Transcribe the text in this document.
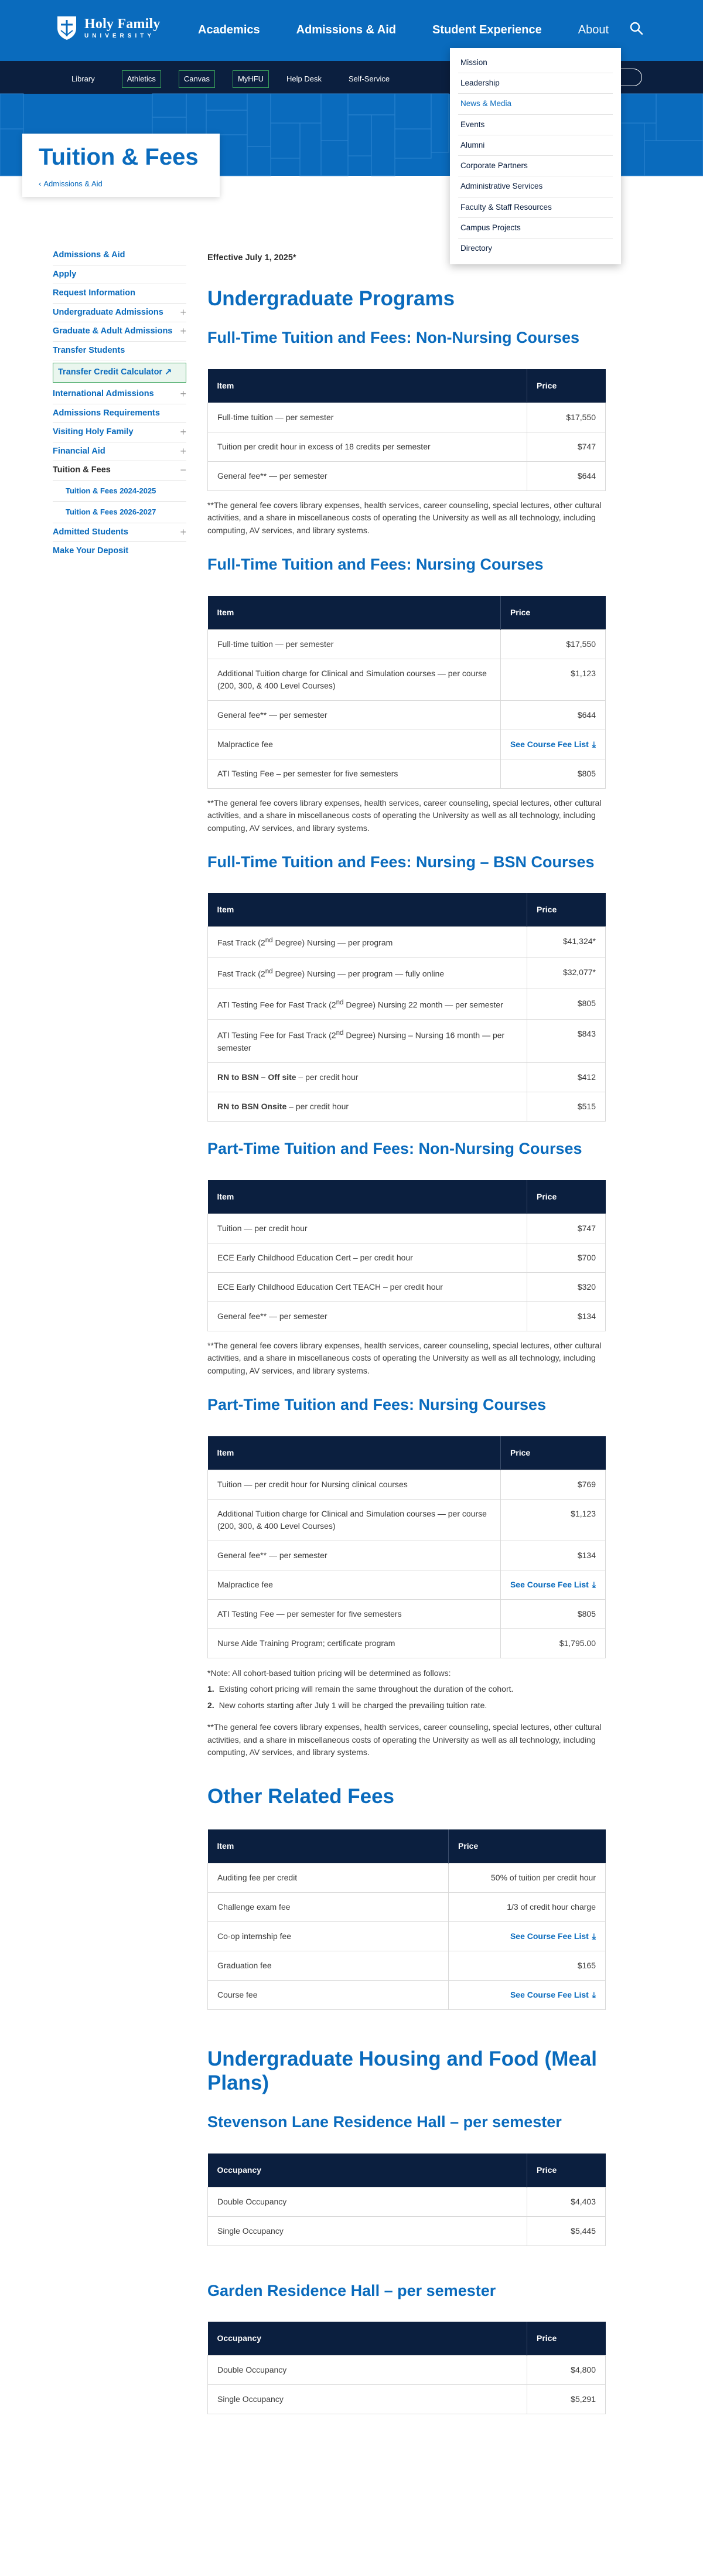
Holy Family
UNIVERSITY	Academics	Admissions & Aid	Student Experience	About
Library	Athletics	Canvas	MyHFU	Help Desk	Self-Service
Mission
Leadership
News & Media
Events
Alumni
Corporate Partners
Administrative Services
Faculty & Staff Resources
Campus Projects
Directory
Tuition & Fees
‹ Admissions & Aid
Admissions & Aid
Apply
Request Information
Undergraduate Admissions +
Graduate & Adult Admissions +
Transfer Students
Transfer Credit Calculator ↗
International Admissions +
Admissions Requirements
Visiting Holy Family	+
Financial Aid	+
Tuition & Fees	−
Tuition & Fees 2024-2025
Tuition & Fees 2026-2027
Admitted Students	+
Make Your Deposit

Effective July 1, 2025*

Undergraduate Programs
Full-Time Tuition and Fees: Non-Nursing Courses
Item	Price
Full-time tuition — per semester	$17,550
Tuition per credit hour in excess of 18 credits per semester	$747
General fee** — per semester	$644

**The general fee covers library expenses, health services, career counseling, special lectures, other cultural activities, and a share in miscellaneous costs of operating the University as well as all technology, including computing, AV services, and library systems.

Full-Time Tuition and Fees: Nursing Courses
Item	Price
Full-time tuition — per semester	$17,550
Additional Tuition charge for Clinical and Simulation courses — per course (200, 300, & 400 Level Courses)	$1,123
General fee** — per semester	$644
Malpractice fee	See Course Fee List ⤓
ATI Testing Fee – per semester for five semesters	$805

**The general fee covers library expenses, health services, career counseling, special lectures, other cultural activities, and a share in miscellaneous costs of operating the University as well as all technology, including computing, AV services, and library systems.

Full-Time Tuition and Fees: Nursing – BSN Courses
Item	Price
Fast Track (2nd Degree) Nursing — per program	$41,324*
Fast Track (2nd Degree) Nursing — per program — fully online	$32,077*
ATI Testing Fee for Fast Track (2nd Degree) Nursing 22 month — per semester	$805
ATI Testing Fee for Fast Track (2nd Degree) Nursing – Nursing 16 month — per semester	$843
RN to BSN – Off site – per credit hour	$412
RN to BSN Onsite – per credit hour	$515
Part-Time Tuition and Fees: Non-Nursing Courses
Item	Price
Tuition — per credit hour	$747
ECE Early Childhood Education Cert – per credit hour	$700
ECE Early Childhood Education Cert TEACH – per credit hour	$320
General fee** — per semester	$134

**The general fee covers library expenses, health services, career counseling, special lectures, other cultural activities, and a share in miscellaneous costs of operating the University as well as all technology, including computing, AV services, and library systems.

Part-Time Tuition and Fees: Nursing Courses
Item	Price
Tuition — per credit hour for Nursing clinical courses	$769
Additional Tuition charge for Clinical and Simulation courses — per course (200, 300, & 400 Level Courses)	$1,123
General fee** — per semester	$134
Malpractice fee	See Course Fee List ⤓
ATI Testing Fee — per semester for five semesters	$805
Nurse Aide Training Program; certificate program	$1,795.00

*Note: All cohort-based tuition pricing will be determined as follows:

1. Existing cohort pricing will remain the same throughout the duration of the cohort.
2. New cohorts starting after July 1 will be charged the prevailing tuition rate.

**The general fee covers library expenses, health services, career counseling, special lectures, other cultural activities, and a share in miscellaneous costs of operating the University as well as all technology, including computing, AV services, and library systems.

Other Related Fees
Item	Price
Auditing fee per credit	50% of tuition per credit hour
Challenge exam fee	1/3 of credit hour charge
Co-op internship fee	See Course Fee List ⤓
Graduation fee	$165
Course fee	See Course Fee List ⤓
Undergraduate Housing and Food (Meal Plans)
Stevenson Lane Residence Hall – per semester
Occupancy	Price
Double Occupancy	$4,403
Single Occupancy	$5,445
Garden Residence Hall – per semester
Occupancy	Price
Double Occupancy	$4,800
Single Occupancy	$5,291
